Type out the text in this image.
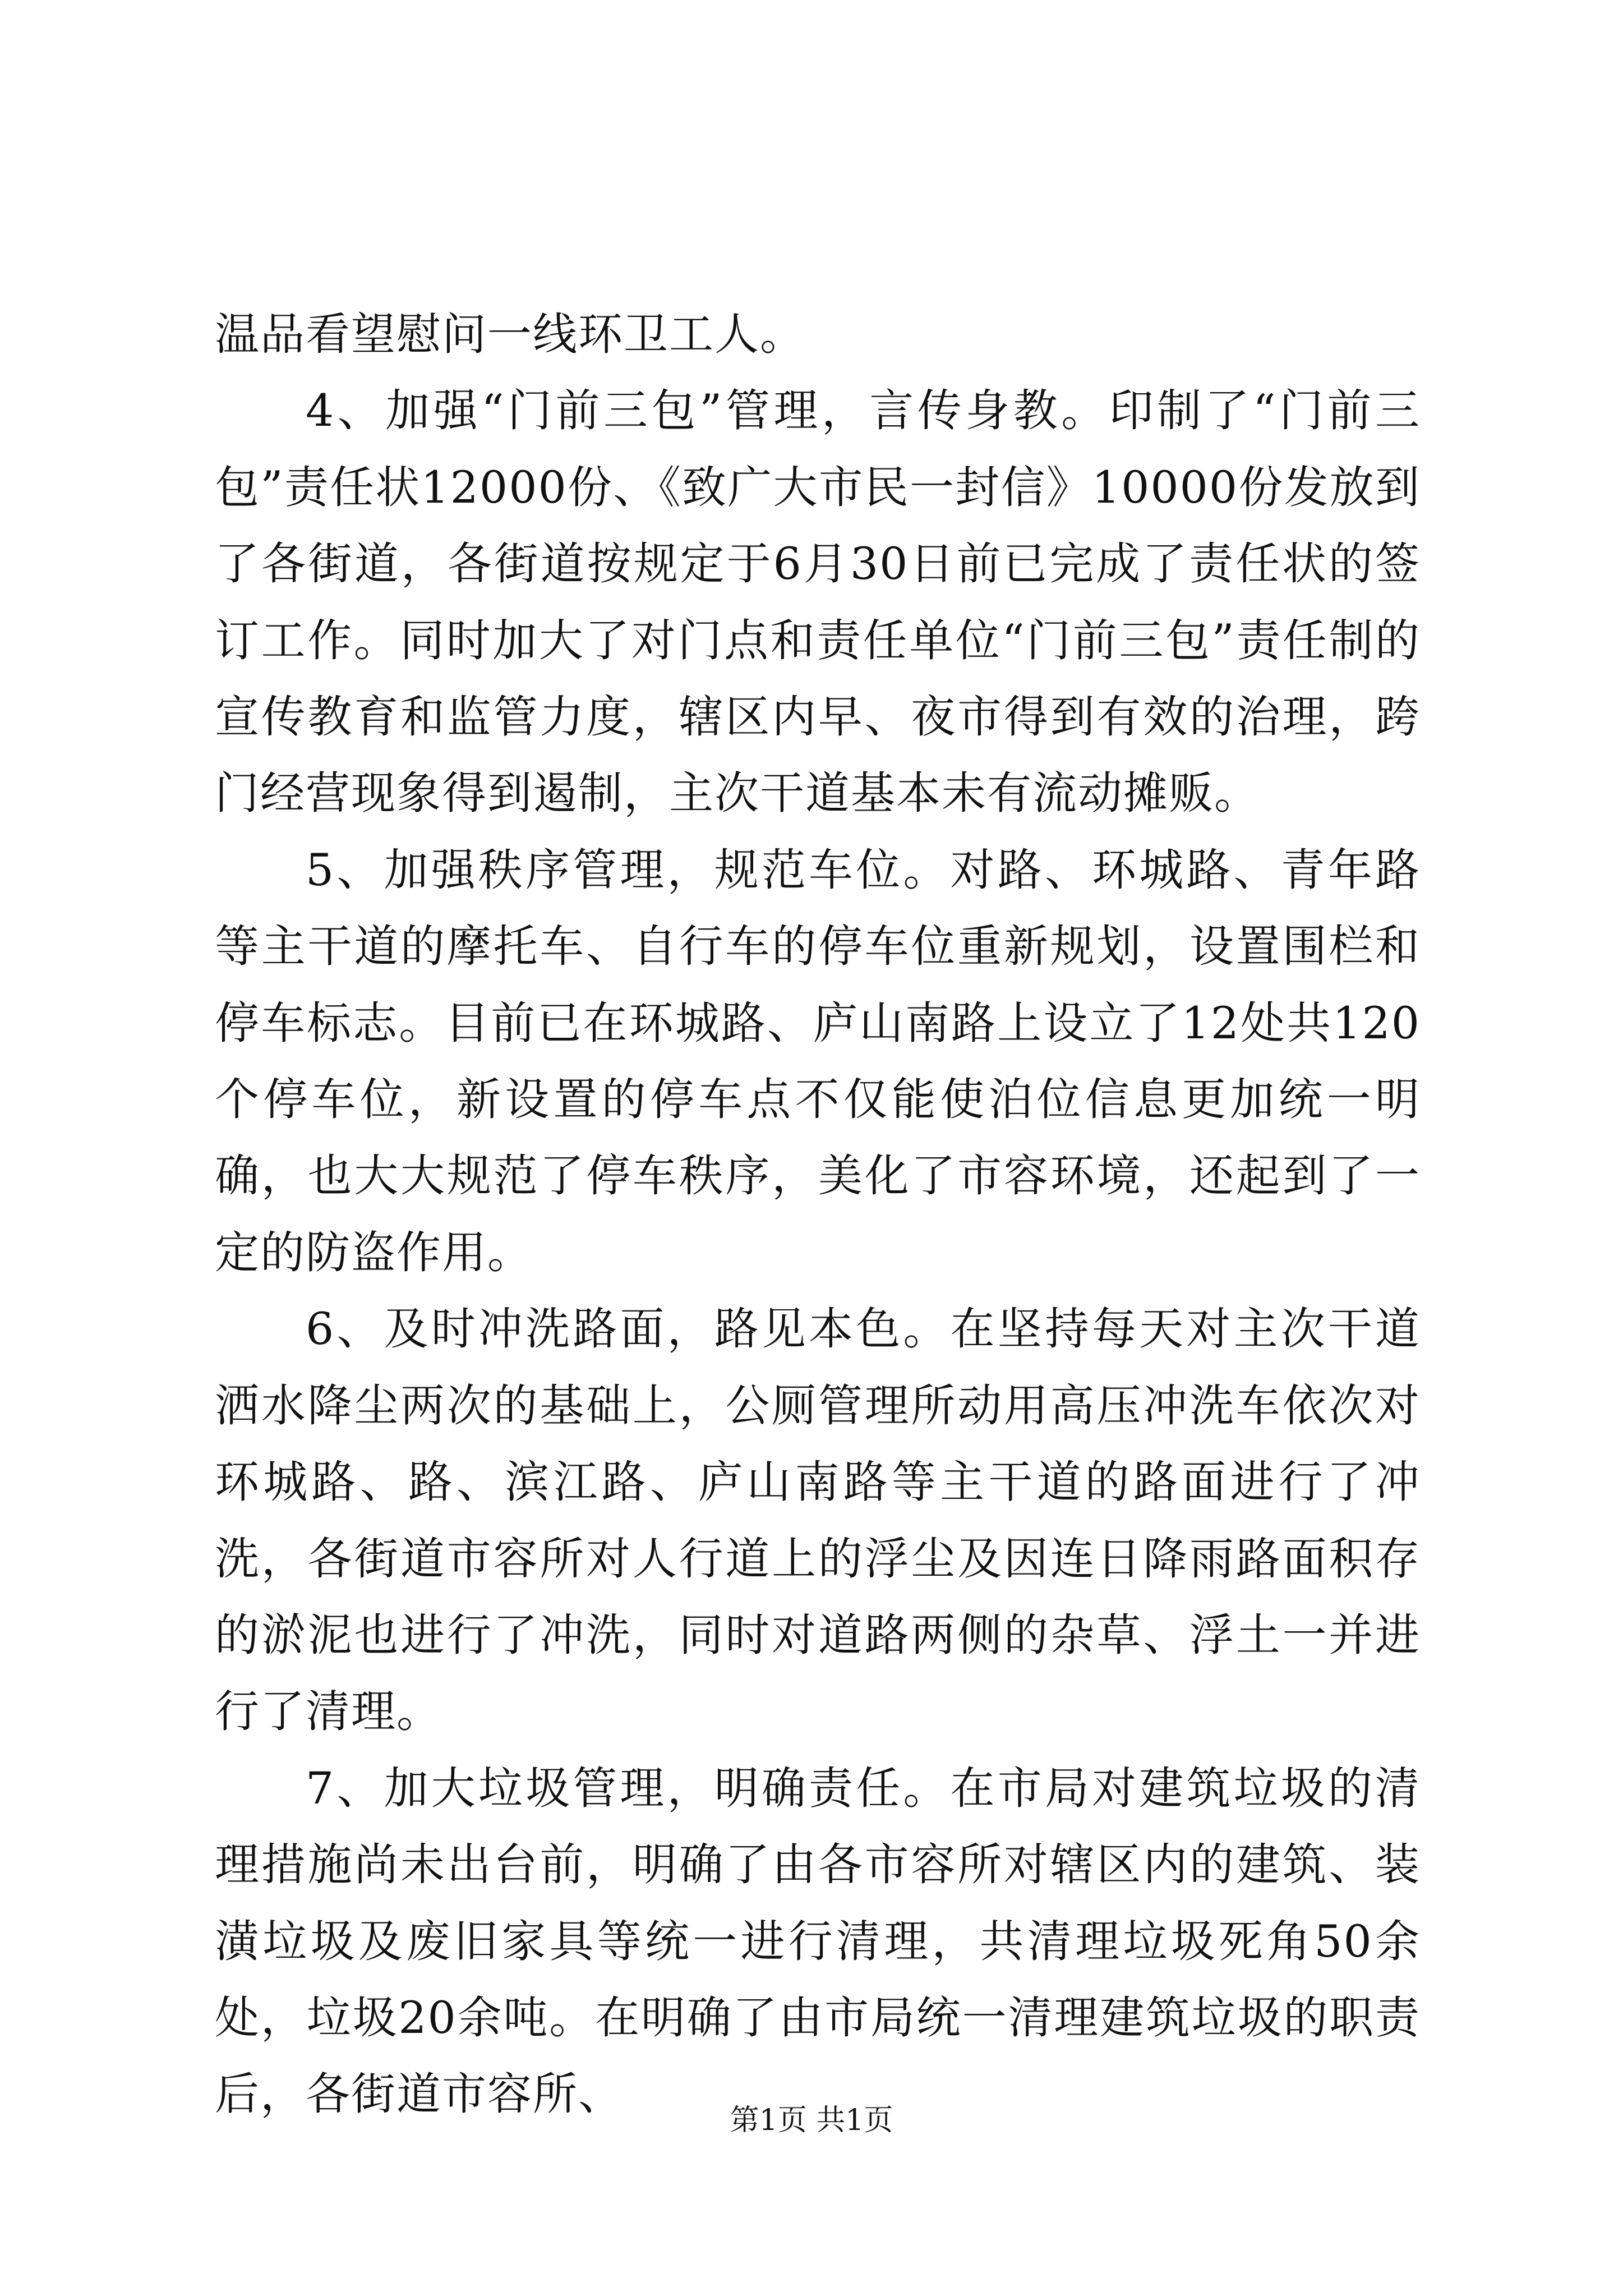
温品看望慰问一线环卫工人。

4、加强“门前三包”管理，言传身教。印制了“门前三包”责任状12000份、《致广大市民一封信》10000份发放到了各街道，各街道按规定于6月30日前已完成了责任状的签订工作。同时加大了对门点和责任单位“门前三包”责任制的宣传教育和监管力度，辖区内早、夜市得到有效的治理，跨门经营现象得到遏制，主次干道基本未有流动摊贩。

5、加强秩序管理，规范车位。对路、环城路、青年路等主干道的摩托车、自行车的停车位重新规划，设置围栏和停车标志。目前已在环城路、庐山南路上设立了12处共120个停车位，新设置的停车点不仅能使泊位信息更加统一明确，也大大规范了停车秩序，美化了市容环境，还起到了一定的防盗作用。

6、及时冲洗路面，路见本色。在坚持每天对主次干道洒水降尘两次的基础上，公厕管理所动用高压冲洗车依次对环城路、路、滨江路、庐山南路等主干道的路面进行了冲洗，各街道市容所对人行道上的浮尘及因连日降雨路面积存的淤泥也进行了冲洗，同时对道路两侧的杂草、浮土一并进行了清理。

7、加大垃圾管理，明确责任。在市局对建筑垃圾的清理措施尚未出台前，明确了由各市容所对辖区内的建筑、装潢垃圾及废旧家具等统一进行清理，共清理垃圾死角50余处，垃圾20余吨。在明确了由市局统一清理建筑垃圾的职责后，各街道市容所、

第1页 共1页
